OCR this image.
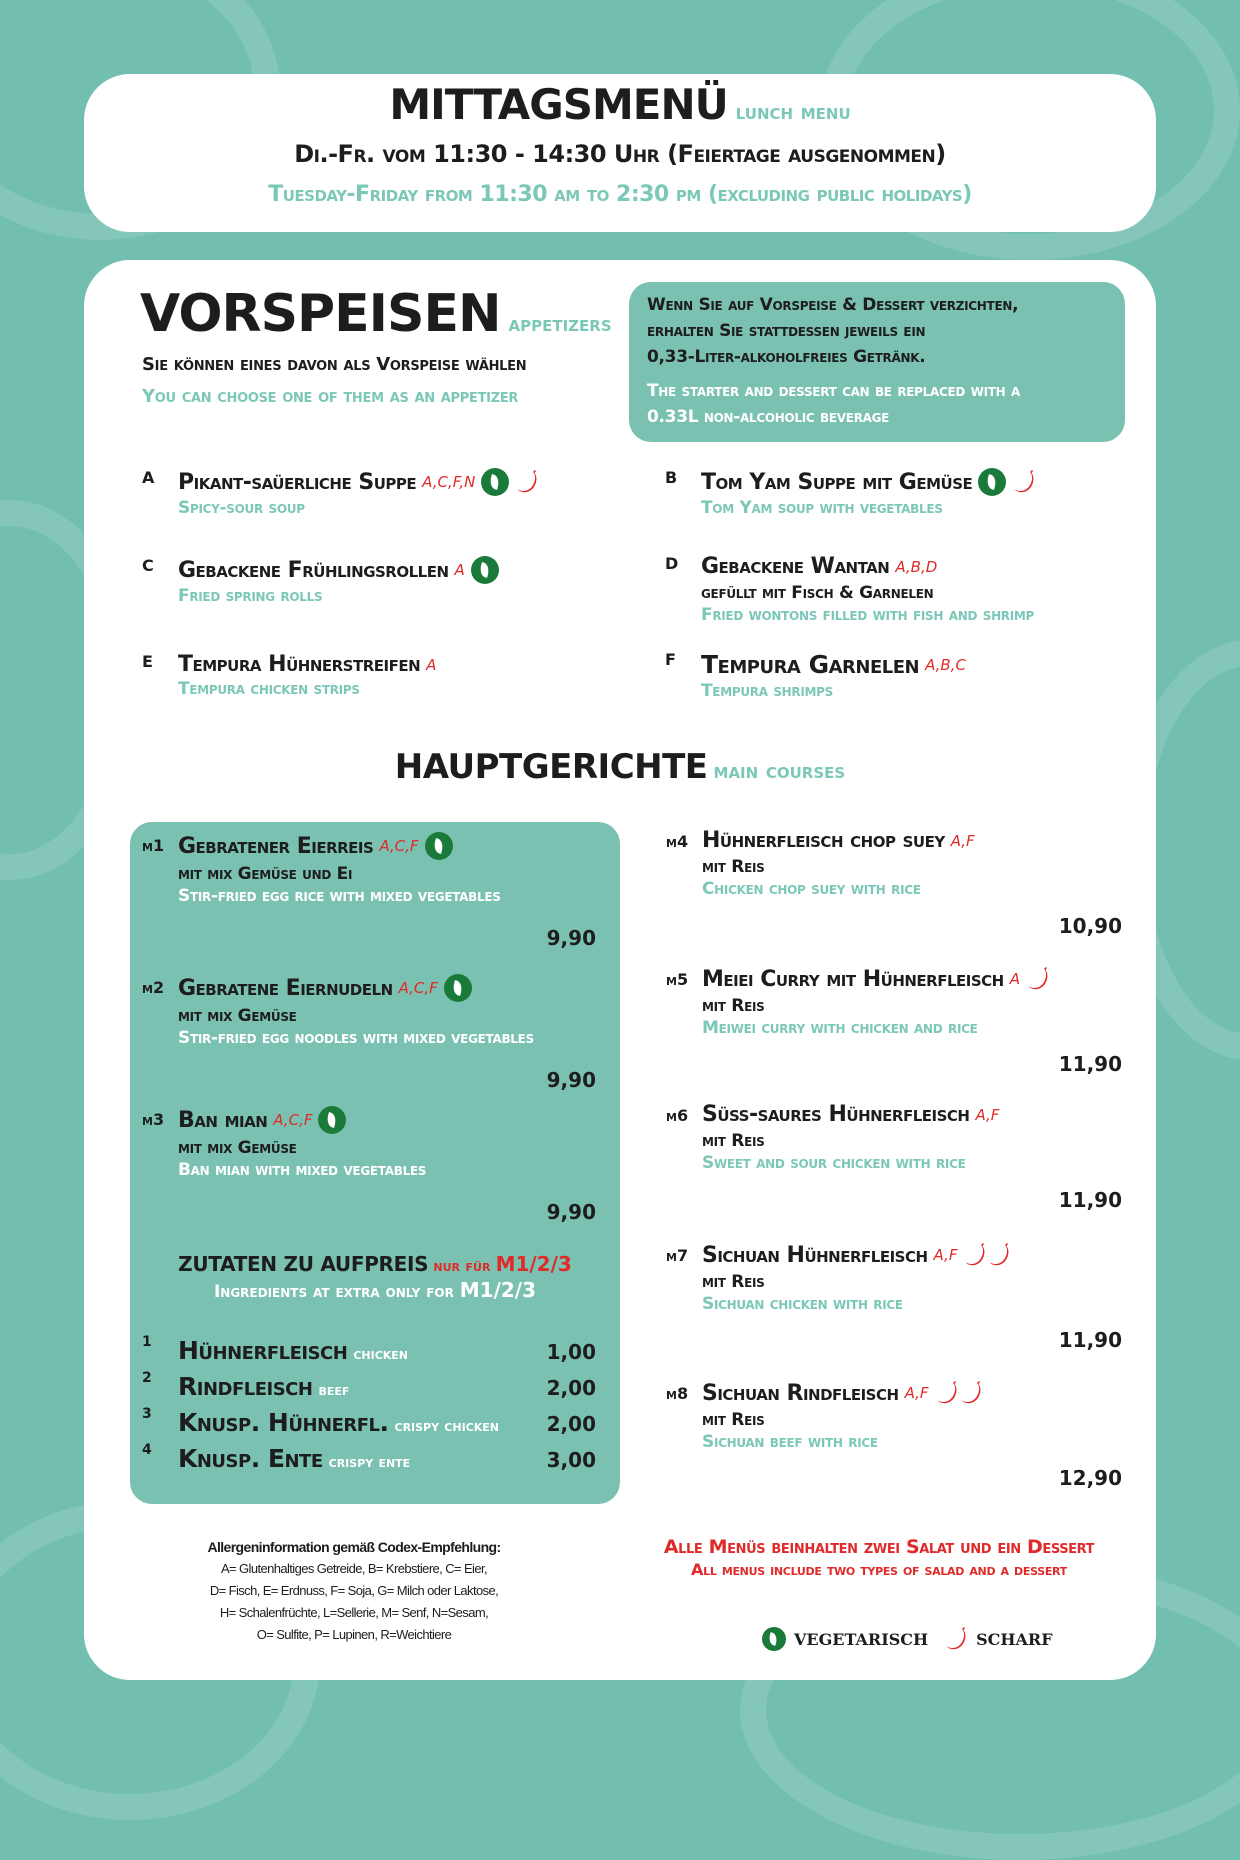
MITTAGSMENÜ lunch menu
Di.-Fr. vom 11:30 - 14:30 Uhr (Feiertage ausgenommen)
Tuesday-Friday from 11:30 am to 2:30 pm (excluding public holidays)
VORSPEISEN appetizers
Sie können eines davon als Vorspeise wählen
You can choose one of them as an appetizer
Wenn Sie auf Vorspeise & Dessert verzichten,
erhalten Sie stattdessen jeweils ein
0,33-Liter-alkoholfreies Getränk.
The starter and dessert can be replaced with a
0.33L non-alcoholic beverage
A Pikant-saüerliche Suppe A,C,F,N
Spicy-sour soup
B Tom Yam Suppe mit Gemüse
Tom Yam soup with vegetables
C Gebackene Frühlingsrollen A
Fried spring rolls
D Gebackene Wantan A,B,D
gefüllt mit Fisch & Garnelen
Fried wontons filled with fish and shrimp
E Tempura Hühnerstreifen A
Tempura chicken strips
F Tempura Garnelen A,B,C
Tempura shrimps
HAUPTGERICHTE main courses
m1 Gebratener Eierreis A,C,F
mit mix Gemüse und Ei
Stir-fried egg rice with mixed vegetables
9,90
m2 Gebratene Eiernudeln A,C,F
mit mix Gemüse
Stir-fried egg noodles with mixed vegetables
9,90
m3 Ban mian A,C,F
mit mix Gemüse
Ban mian with mixed vegetables
9,90
ZUTATEN ZU AUFPREIS nur für M1/2/3
Ingredients at extra only for M1/2/3
1 Hühnerfleisch chicken	1,00
2 Rindfleisch beef	2,00
3 Knusp. Hühnerfl. crispy chicken 2,00
4 Knusp. Ente crispy ente	3,00
m4 Hühnerfleisch chop suey A,F
mit Reis
Chicken chop suey with rice
10,90
m5 Meiei Curry mit Hühnerfleisch A
mit Reis
Meiwei curry with chicken and rice
11,90
m6 Süss-saures Hühnerfleisch A,F
mit Reis
Sweet and sour chicken with rice
11,90
m7 Sichuan Hühnerfleisch A,F
mit Reis
Sichuan chicken with rice
11,90
m8 Sichuan Rindfleisch A,F
mit Reis
Sichuan beef with rice
12,90
Allergeninformation gemäß Codex-Empfehlung:
A= Glutenhaltiges Getreide, B= Krebstiere, C= Eier,
D= Fisch, E= Erdnuss, F= Soja, G= Milch oder Laktose,
H= Schalenfrüchte, L=Sellerie, M= Senf, N=Sesam,
O= Sulfite, P= Lupinen, R=Weichtiere
Alle Menüs beinhalten zwei Salat und ein Dessert
All menus include two types of salad and a dessert
VEGETARISCH	SCHARF
